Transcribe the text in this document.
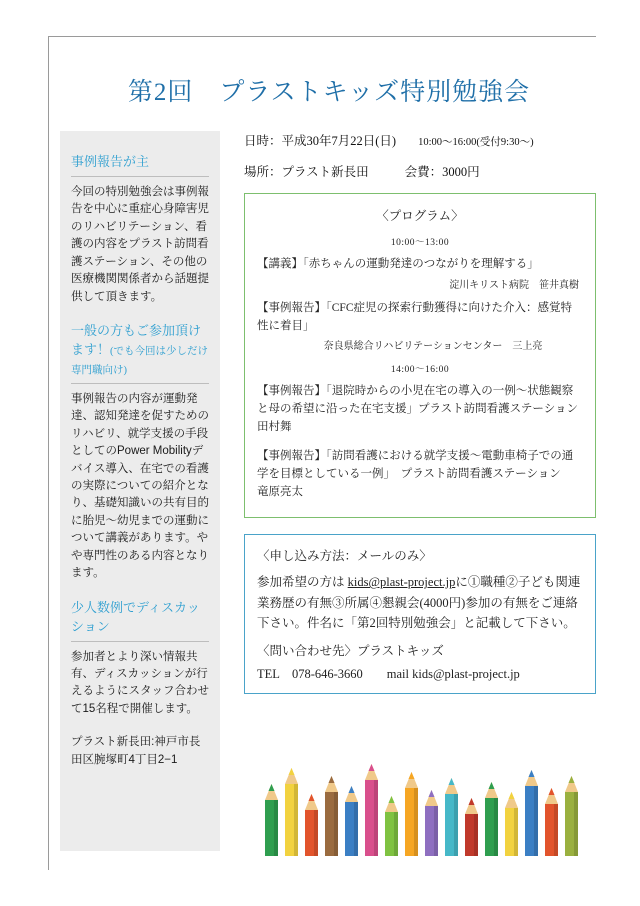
第2回　プラストキッズ特別勉強会
事例報告が主
今回の特別勉強会は事例報告を中心に重症心身障害児のリハビリテーション、看護の内容をプラスト訪問看護ステーション、その他の医療機関関係者から話題提供して頂きます。
一般の方もご参加頂けます！(でも今回は少しだけ専門職向け)
事例報告の内容が運動発達、認知発達を促すためのリハビリ、就学支援の手段としてのPower Mobilityデバイス導入、在宅での看護の実際についての紹介となり、基礎知識いの共有目的に胎児〜幼児までの運動について講義があります。やや専門性のある内容となります。
少人数例でディスカッション
参加者とより深い情報共有、ディスカッションが行えるようにスタッフ合わせて15名程で開催します。
プラスト新長田:神戸市長田区腕塚町4丁目2−1
日時：平成30年7月22日(日) 10:00〜16:00(受付9:30〜)
場所：プラスト新長田	会費：3000円
〈プログラム〉
10:00〜13:00
【講義】「赤ちゃんの運動発達のつながりを理解する」
淀川キリスト病院　笹井真樹
【事例報告】「CFC症児の探索行動獲得に向けた介入：感覚特性に着目」
奈良県総合リハビリテーションセンター　三上亮
14:00〜16:00
【事例報告】「退院時からの小児在宅の導入の一例〜状態観察と母の希望に沿った在宅支援」プラスト訪問看護ステーション　田村舞
【事例報告】「訪問看護における就学支援〜電動車椅子での通学を目標としている一例」　プラスト訪問看護ステーション　竜原亮太
〈申し込み方法：メールのみ〉
参加希望の方は kids@plast-project.jpに①職種②子ども関連業務歴の有無③所属④懇親会(4000円)参加の有無をご連絡下さい。件名に「第2回特別勉強会」と記載して下さい。
〈問い合わせ先〉プラストキッズ
TEL　078-646-3660 mail kids@plast-project.jp
